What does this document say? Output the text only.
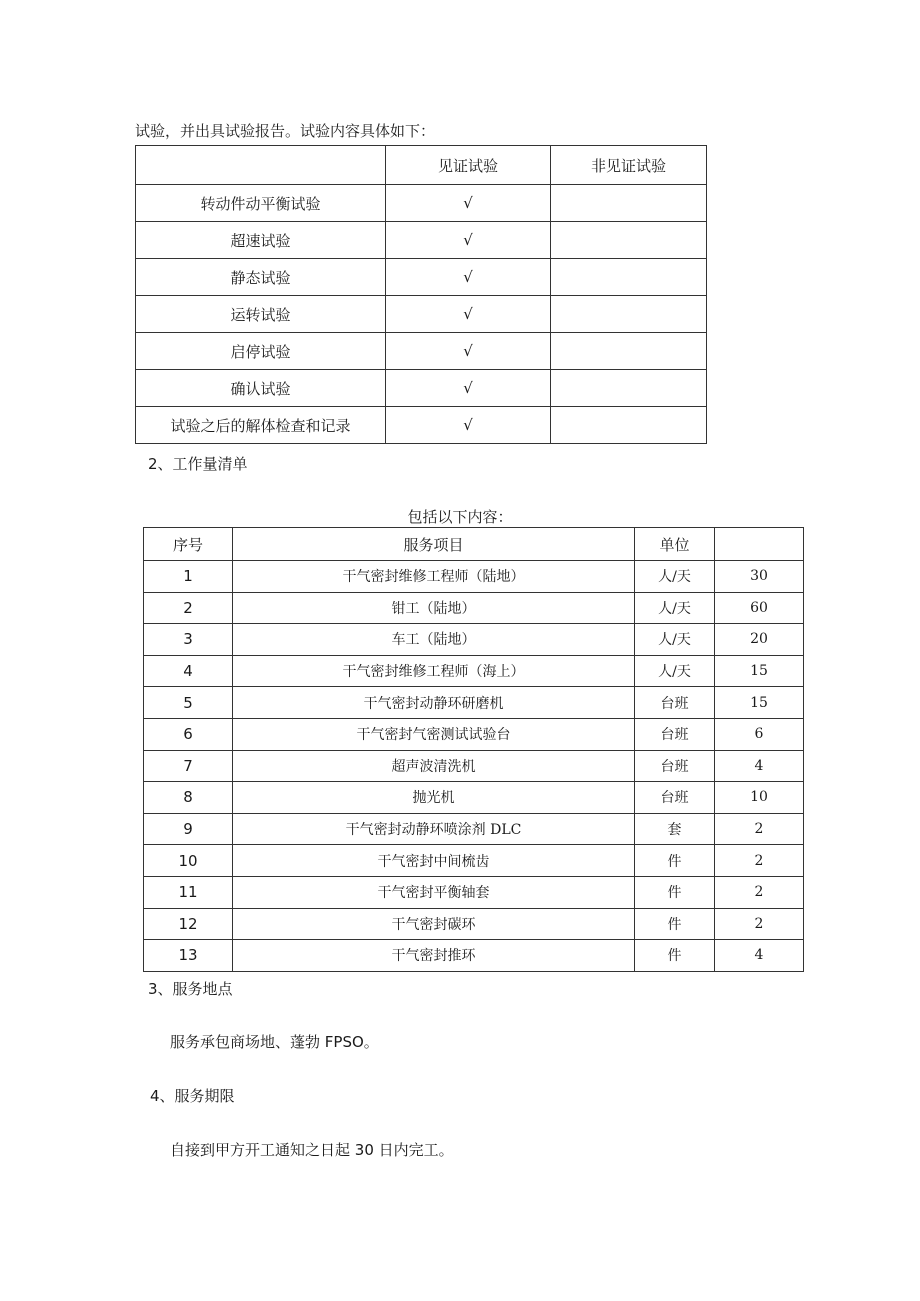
试验，并出具试验报告。试验内容具体如下：
	见证试验	非见证试验
转动件动平衡试验	√	
超速试验	√	
静态试验	√	
运转试验	√	
启停试验	√	
确认试验	√	
试验之后的解体检查和记录	√	
2、工作量清单
包括以下内容：
序号	服务项目	单位	
1	干气密封维修工程师（陆地）	人/天	30
2	钳工（陆地）	人/天	60
3	车工（陆地）	人/天	20
4	干气密封维修工程师（海上）	人/天	15
5	干气密封动静环研磨机	台班	15
6	干气密封气密测试试验台	台班	6
7	超声波清洗机	台班	4
8	抛光机	台班	10
9	干气密封动静环喷涂剂 DLC	套	2
10	干气密封中间梳齿	件	2
11	干气密封平衡轴套	件	2
12	干气密封碳环	件	2
13	干气密封推环	件	4
3、服务地点
服务承包商场地、蓬勃 FPSO。
4、服务期限
自接到甲方开工通知之日起 30 日内完工。
